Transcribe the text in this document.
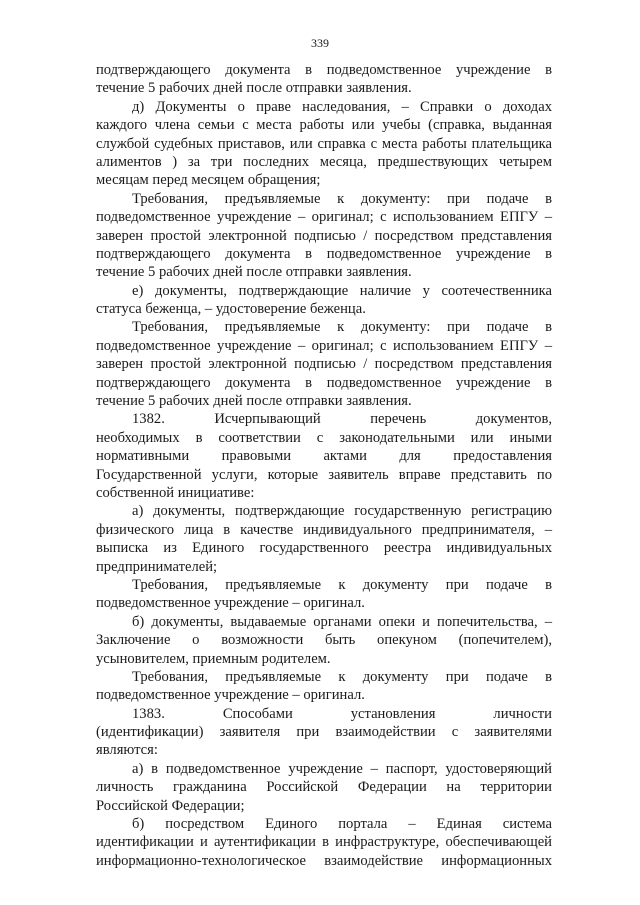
339
подтверждающего документа в подведомственное учреждение в
течение 5 рабочих дней после отправки заявления.
д) Документы о праве наследования, – Справки о доходах
каждого члена семьи с места работы или учебы (справка, выданная
службой судебных приставов, или справка с места работы плательщика
алиментов ) за три последних месяца, предшествующих четырем
месяцам перед месяцем обращения;
Требования, предъявляемые к документу: при подаче в
подведомственное учреждение – оригинал; с использованием ЕПГУ –
заверен простой электронной подписью / посредством представления
подтверждающего документа в подведомственное учреждение в
течение 5 рабочих дней после отправки заявления.
е) документы, подтверждающие наличие у соотечественника
статуса беженца, – удостоверение беженца.
Требования, предъявляемые к документу: при подаче в
подведомственное учреждение – оригинал; с использованием ЕПГУ –
заверен простой электронной подписью / посредством представления
подтверждающего документа в подведомственное учреждение в
течение 5 рабочих дней после отправки заявления.
1382. Исчерпывающий перечень документов,
необходимых в соответствии с законодательными или иными
нормативными правовыми актами для предоставления
Государственной услуги, которые заявитель вправе представить по
собственной инициативе:
а) документы, подтверждающие государственную регистрацию
физического лица в качестве индивидуального предпринимателя, –
выписка из Единого государственного реестра индивидуальных
предпринимателей;
Требования, предъявляемые к документу при подаче в
подведомственное учреждение – оригинал.
б) документы, выдаваемые органами опеки и попечительства, –
Заключение о возможности быть опекуном (попечителем),
усыновителем, приемным родителем.
Требования, предъявляемые к документу при подаче в
подведомственное учреждение – оригинал.
1383. Способами установления личности
(идентификации) заявителя при взаимодействии с заявителями
являются:
а) в подведомственное учреждение – паспорт, удостоверяющий
личность гражданина Российской Федерации на территории
Российской Федерации;
б) посредством Единого портала – Единая система
идентификации и аутентификации в инфраструктуре, обеспечивающей
информационно-технологическое взаимодействие информационных
